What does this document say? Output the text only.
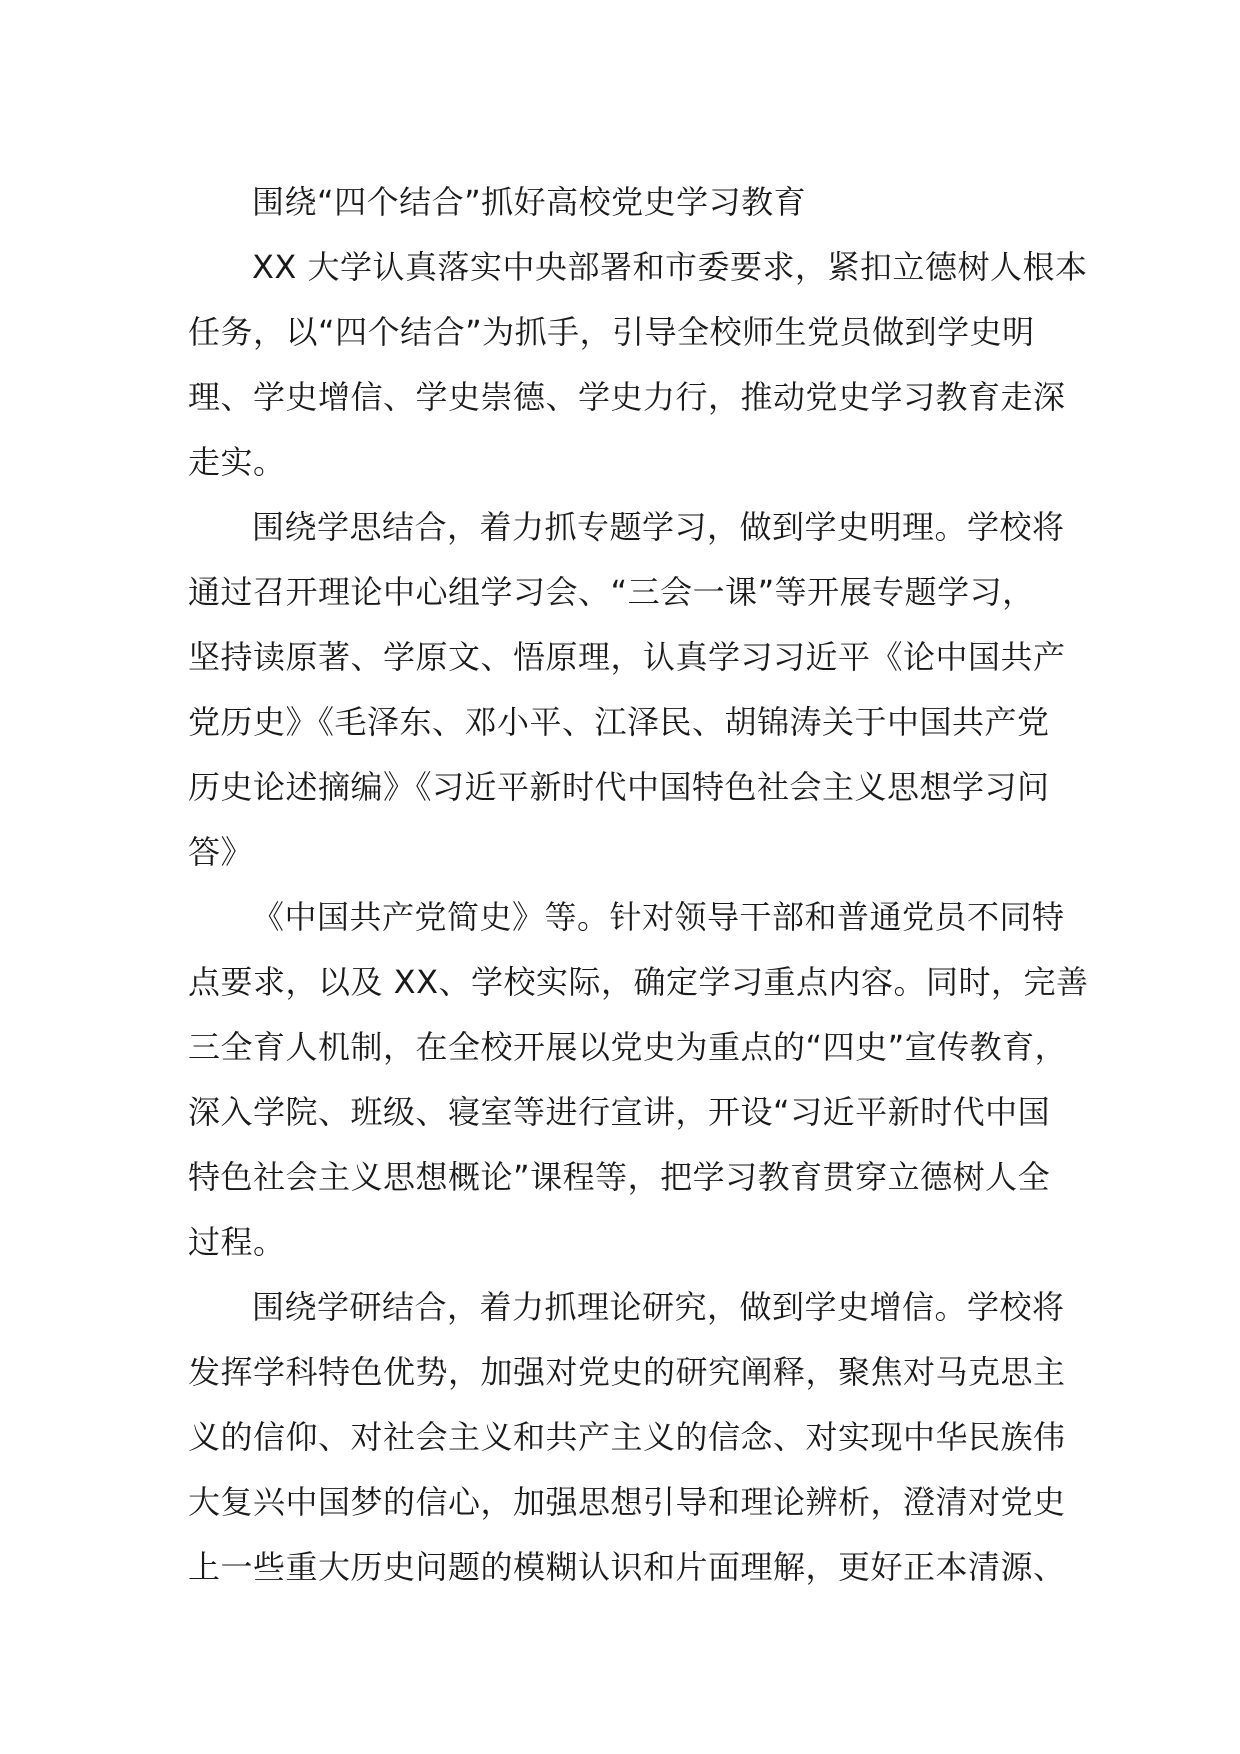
围绕“四个结合”抓好高校党史学习教育
XX 大学认真落实中央部署和市委要求，紧扣立德树人根本
任务，以“四个结合”为抓手，引导全校师生党员做到学史明
理、学史增信、学史崇德、学史力行，推动党史学习教育走深
走实。
围绕学思结合，着力抓专题学习，做到学史明理。学校将
通过召开理论中心组学习会、“三会一课”等开展专题学习，
坚持读原著、学原文、悟原理，认真学习习近平《论中国共产
党历史》《毛泽东、邓小平、江泽民、胡锦涛关于中国共产党
历史论述摘编》《习近平新时代中国特色社会主义思想学习问
答》
《中国共产党简史》等。针对领导干部和普通党员不同特
点要求，以及 XX、学校实际，确定学习重点内容。同时，完善
三全育人机制，在全校开展以党史为重点的“四史”宣传教育，
深入学院、班级、寝室等进行宣讲，开设“习近平新时代中国
特色社会主义思想概论”课程等，把学习教育贯穿立德树人全
过程。
围绕学研结合，着力抓理论研究，做到学史增信。学校将
发挥学科特色优势，加强对党史的研究阐释，聚焦对马克思主
义的信仰、对社会主义和共产主义的信念、对实现中华民族伟
大复兴中国梦的信心，加强思想引导和理论辨析，澄清对党史
上一些重大历史问题的模糊认识和片面理解，更好正本清源、
